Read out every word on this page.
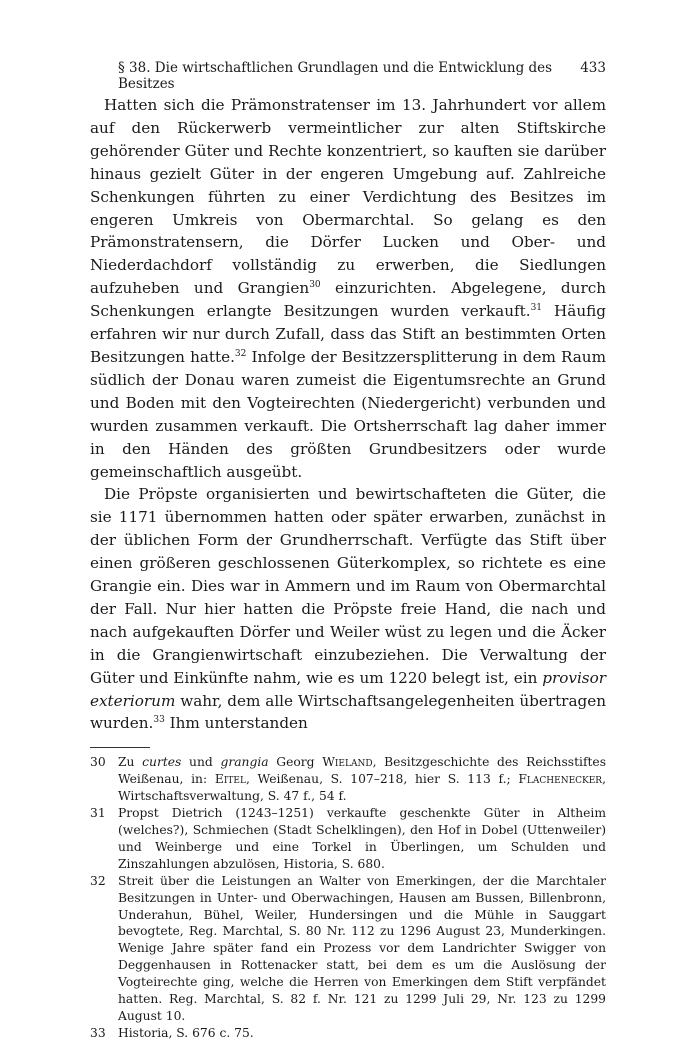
§ 38. Die wirtschaftlichen Grundlagen und die Entwicklung des Besitzes
433

Hatten sich die Prämonstratenser im 13. Jahrhundert vor allem auf den Rückerwerb vermeintlicher zur alten Stiftskirche gehörender Güter und Rechte konzentriert, so kauften sie darüber hinaus gezielt Güter in der engeren Umgebung auf. Zahlreiche Schenkungen führten zu einer Verdichtung des Besitzes im engeren Umkreis von Obermarchtal. So gelang es den Prämonstratensern, die Dörfer Lucken und Ober- und Niederdachdorf vollständig zu erwerben, die Siedlungen aufzuheben und Grangien$^{30}$ einzurichten. Abgelegene, durch Schenkungen erlangte Besitzungen wurden verkauft.$^{31}$ Häufig erfahren wir nur durch Zufall, dass das Stift an bestimmten Orten Besitzungen hatte.$^{32}$ Infolge der Besitzzersplitterung in dem Raum südlich der Donau waren zumeist die Eigentumsrechte an Grund und Boden mit den Vogteirechten (Niedergericht) verbunden und wurden zusammen verkauft. Die Ortsherrschaft lag daher immer in den Händen des größten Grundbesitzers oder wurde gemeinschaftlich ausgeübt.

Die Pröpste organisierten und bewirtschafteten die Güter, die sie 1171 übernommen hatten oder später erwarben, zunächst in der üblichen Form der Grundherrschaft. Verfügte das Stift über einen größeren geschlossenen Güterkomplex, so richtete es eine Grangie ein. Dies war in Ammern und im Raum von Obermarchtal der Fall. Nur hier hatten die Pröpste freie Hand, die nach und nach aufgekauften Dörfer und Weiler wüst zu legen und die Äcker in die Grangienwirtschaft einzubeziehen. Die Verwaltung der Güter und Einkünfte nahm, wie es um 1220 belegt ist, ein provisor exteriorum wahr, dem alle Wirtschaftsangelegenheiten übertragen wurden.$^{33}$ Ihm unterstanden

30	Zu curtes und grangia Georg Wieland, Besitzgeschichte des Reichsstiftes Weißenau, in: Eitel, Weißenau, S. 107–218, hier S. 113 f.; Flachenecker, Wirtschaftsverwaltung, S. 47 f., 54 f.
31	Propst Dietrich (1243–1251) verkaufte geschenkte Güter in Altheim (welches?), Schmiechen (Stadt Schelklingen), den Hof in Dobel (Uttenweiler) und Weinberge und eine Torkel in Überlingen, um Schulden und Zinszahlungen abzulösen, Historia, S. 680.
32	Streit über die Leistungen an Walter von Emerkingen, der die Marchtaler Besitzungen in Unter- und Oberwachingen, Hausen am Bussen, Billenbronn, Underahun, Bühel, Weiler, Hundersingen und die Mühle in Sauggart bevogtete, Reg. Marchtal, S. 80 Nr. 112 zu 1296 August 23, Munderkingen. Wenige Jahre später fand ein Prozess vor dem Landrichter Swigger von Deggenhausen in Rottenacker statt, bei dem es um die Auslösung der Vogteirechte ging, welche die Herren von Emerkingen dem Stift verpfändet hatten. Reg. Marchtal, S. 82 f. Nr. 121 zu 1299 Juli 29, Nr. 123 zu 1299 August 10.
33	Historia, S. 676 c. 75.
